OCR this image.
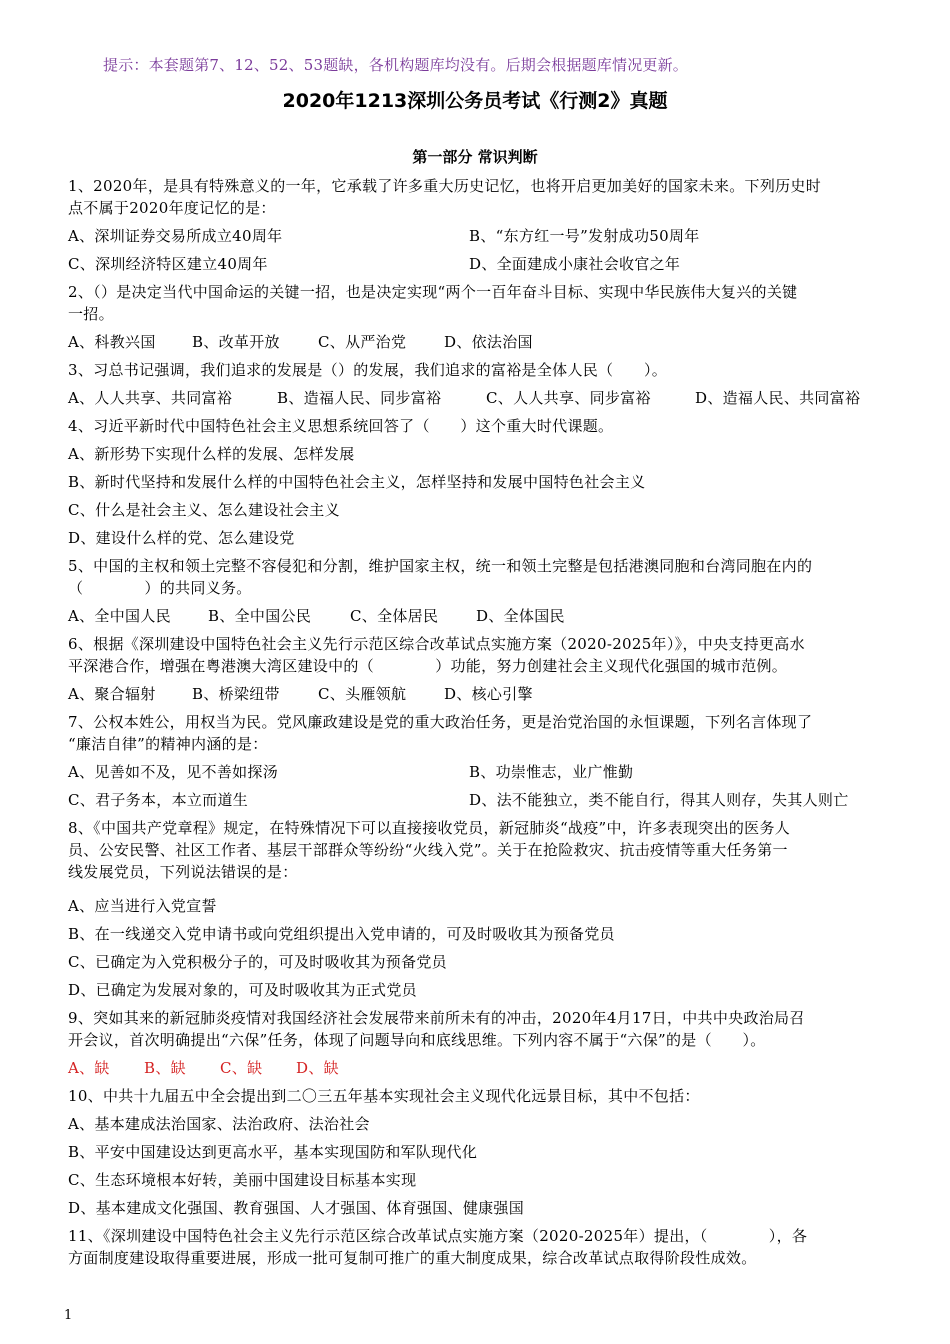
提示：本套题第7、12、52、53题缺，各机构题库均没有。后期会根据题库情况更新。
2020年1213深圳公务员考试《行测2》真题
第一部分 常识判断
1、2020年，是具有特殊意义的一年，它承载了许多重大历史记忆，也将开启更加美好的国家未来。下列历史时
点不属于2020年度记忆的是：
A、深圳证券交易所成立40周年	B、“东方红一号”发射成功50周年
C、深圳经济特区建立40周年	D、全面建成小康社会收官之年
2、（）是决定当代中国命运的关键一招，也是决定实现“两个一百年奋斗目标、实现中华民族伟大复兴的关键
一招。
A、科教兴国 B、改革开放	C、从严治党	D、依法治国
3、习总书记强调，我们追求的发展是（）的发展，我们追求的富裕是全体人民（　　）。
A、人人共享、共同富裕	B、造福人民、同步富裕	C、人人共享、同步富裕	D、造福人民、共同富裕
4、习近平新时代中国特色社会主义思想系统回答了（　　）这个重大时代课题。
A、新形势下实现什么样的发展、怎样发展
B、新时代坚持和发展什么样的中国特色社会主义，怎样坚持和发展中国特色社会主义
C、什么是社会主义、怎么建设社会主义
D、建设什么样的党、怎么建设党
5、中国的主权和领土完整不容侵犯和分割，维护国家主权，统一和领土完整是包括港澳同胞和台湾同胞在内的
（　　　　）的共同义务。
A、全中国人民 B、全中国公民	C、全体居民	D、全体国民
6、根据《深圳建设中国特色社会主义先行示范区综合改革试点实施方案（2020-2025年）》，中央支持更高水
平深港合作，增强在粤港澳大湾区建设中的（　　　　）功能，努力创建社会主义现代化强国的城市范例。
A、聚合辐射 B、桥梁纽带	C、头雁领航	D、核心引擎
7、公权本姓公，用权当为民。党风廉政建设是党的重大政治任务，更是治党治国的永恒课题，下列名言体现了
“廉洁自律”的精神内涵的是：
A、见善如不及，见不善如探汤	B、功崇惟志，业广惟勤
C、君子务本，本立而道生	D、法不能独立，类不能自行，得其人则存，失其人则亡
8、《中国共产党章程》规定，在特殊情况下可以直接接收党员，新冠肺炎“战疫”中，许多表现突出的医务人
员、公安民警、社区工作者、基层干部群众等纷纷“火线入党”。关于在抢险救灾、抗击疫情等重大任务第一
线发展党员，下列说法错误的是：
A、应当进行入党宣誓
B、在一线递交入党申请书或向党组织提出入党申请的，可及时吸收其为预备党员
C、已确定为入党积极分子的，可及时吸收其为预备党员
D、已确定为发展对象的，可及时吸收其为正式党员
9、突如其来的新冠肺炎疫情对我国经济社会发展带来前所未有的冲击，2020年4月17日，中共中央政治局召
开会议，首次明确提出“六保”任务，体现了问题导向和底线思维。下列内容不属于“六保”的是（　　）。
A、缺 B、缺 C、缺 D、缺
10、中共十九届五中全会提出到二〇三五年基本实现社会主义现代化远景目标，其中不包括：
A、基本建成法治国家、法治政府、法治社会
B、平安中国建设达到更高水平，基本实现国防和军队现代化
C、生态环境根本好转，美丽中国建设目标基本实现
D、基本建成文化强国、教育强国、人才强国、体育强国、健康强国
11、《深圳建设中国特色社会主义先行示范区综合改革试点实施方案（2020-2025年）提出，（　　　　），各
方面制度建设取得重要进展，形成一批可复制可推广的重大制度成果，综合改革试点取得阶段性成效。
1
